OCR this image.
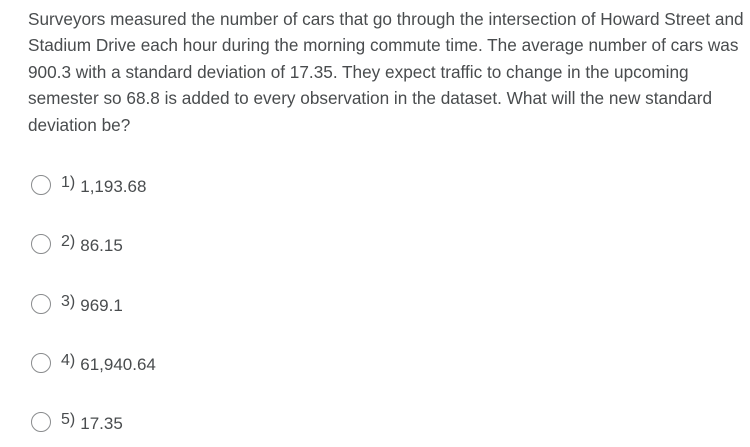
Surveyors measured the number of cars that go through the intersection of Howard Street and Stadium Drive each hour during the morning commute time. The average number of cars was 900.3 with a standard deviation of 17.35. They expect traffic to change in the upcoming semester so 68.8 is added to every observation in the dataset. What will the new standard deviation be?

1) 1,193.68
2) 86.15
3) 969.1
4) 61,940.64
5) 17.35
